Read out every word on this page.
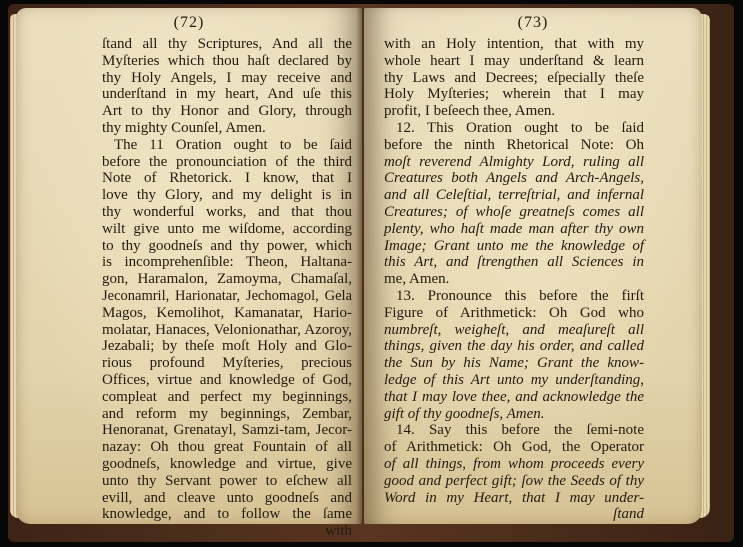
(72)
ſtand all thy Scriptures, And all the
Myſteries which thou haſt declared by
thy Holy Angels, I may receive and
underſtand in my heart, And uſe this
Art to thy Honor and Glory, through
thy mighty Counſel, Amen.
The 11 Oration ought to be ſaid
before the pronounciation of the third
Note of Rhetorick. I know, that I
love thy Glory, and my delight is in
thy wonderful works, and that thou
wilt give unto me wiſdome, according
to thy goodneſs and thy power, which
is incomprehenſible: Theon, Haltana-
gon, Haramalon, Zamoyma, Chamaſal,
Jeconamril, Harionatar, Jechomagol, Gela
Magos, Kemolihot, Kamanatar, Hario-
molatar, Hanaces, Velonionathar, Azoroy,
Jezabali; by theſe moſt Holy and Glo-
rious profound Myſteries, precious
Offices, virtue and knowledge of God,
compleat and perfect my beginnings,
and reform my beginnings, Zembar,
Henoranat, Grenatayl, Samzi-tam, Jecor-
nazay: Oh thou great Fountain of all
goodneſs, knowledge and virtue, give
unto thy Servant power to eſchew all
evill, and cleave unto goodneſs and
knowledge, and to follow the ſame
with
(73)
with an Holy intention, that with my
whole heart I may underſtand & learn
thy Laws and Decrees; eſpecially theſe
Holy Myſteries; wherein that I may
profit, I beſeech thee, Amen.
12. This Oration ought to be ſaid
before the ninth Rhetorical Note: Oh
moſt reverend Almighty Lord, ruling all
Creatures both Angels and Arch-Angels,
and all Celeſtial, terreſtrial, and infernal
Creatures; of whoſe greatneſs comes all
plenty, who haſt made man after thy own
Image; Grant unto me the knowledge of
this Art, and ſtrengthen all Sciences in
me, Amen.
13. Pronounce this before the firſt
Figure of Arithmetick: Oh God who
numbreſt, weigheſt, and meaſureſt all
things, given the day his order, and called
the Sun by his Name; Grant the know-
ledge of this Art unto my underſtanding,
that I may love thee, and acknowledge the
gift of thy goodneſs, Amen.
14. Say this before the ſemi-note
of Arithmetick: Oh God, the Operator
of all things, from whom proceeds every
good and perfect gift; ſow the Seeds of thy
Word in my Heart, that I may under-
ſtand
